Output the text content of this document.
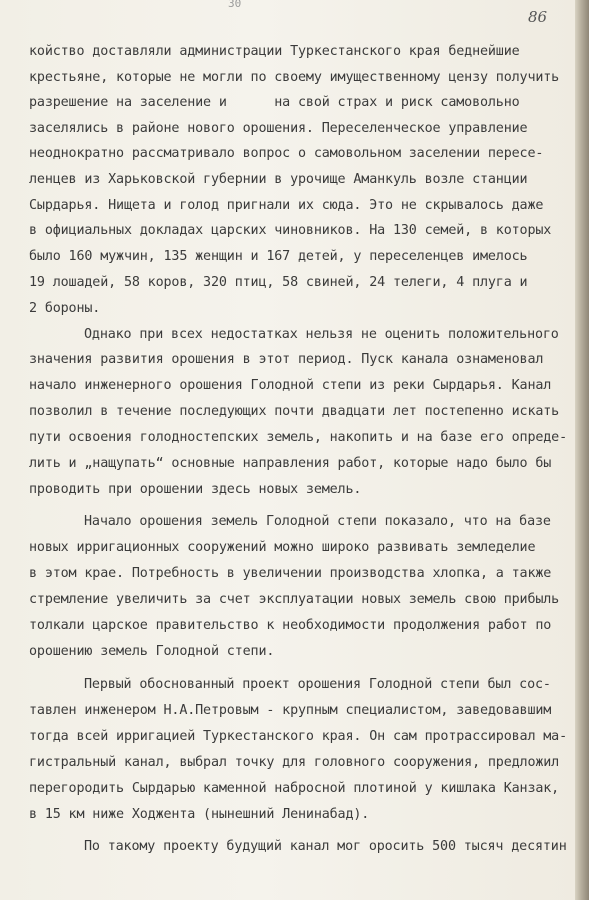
30
86
койство доставляли администрации Туркестанского края беднейшие
крестьяне, которые не могли по своему имущественному цензу получить
разрешение на заселение и      на свой страх и риск самовольно
заселялись в районе нового орошения. Переселенческое управление
неоднократно рассматривало вопрос о самовольном заселении пересе-
ленцев из Харьковской губернии в урочище Аманкуль возле станции
Сырдарья. Нищета и голод пригнали их сюда. Это не скрывалось даже
в официальных докладах царских чиновников. На 130 семей, в которых
было 160 мужчин, 135 женщин и 167 детей, у переселенцев имелось
19 лошадей, 58 коров, 320 птиц, 58 свиней, 24 телеги, 4 плуга и
2 бороны.
Однако при всех недостатках нельзя не оценить положительного
значения развития орошения в этот период. Пуск канала ознаменовал
начало инженерного орошения Голодной степи из реки Сырдарья. Канал
позволил в течение последующих почти двадцати лет постепенно искать
пути освоения голодностепских земель, накопить и на базе его опреде-
лить и „нащупать“ основные направления работ, которые надо было бы
проводить при орошении здесь новых земель.
Начало орошения земель Голодной степи показало, что на базе
новых ирригационных сооружений можно широко развивать земледелие
в этом крае. Потребность в увеличении производства хлопка, а также
стремление увеличить за счет эксплуатации новых земель свою прибыль
толкали царское правительство к необходимости продолжения работ по
орошению земель Голодной степи.
Первый обоснованный проект орошения Голодной степи был сос-
тавлен инженером Н.А.Петровым - крупным специалистом, заведовавшим
тогда всей ирригацией Туркестанского края. Он сам протрассировал ма-
гистральный канал, выбрал точку для головного сооружения, предложил
перегородить Сырдарью каменной набросной плотиной у кишлака Канзак,
в 15 км ниже Ходжента (нынешний Ленинабад).
По такому проекту будущий канал мог оросить 500 тысяч десятин
